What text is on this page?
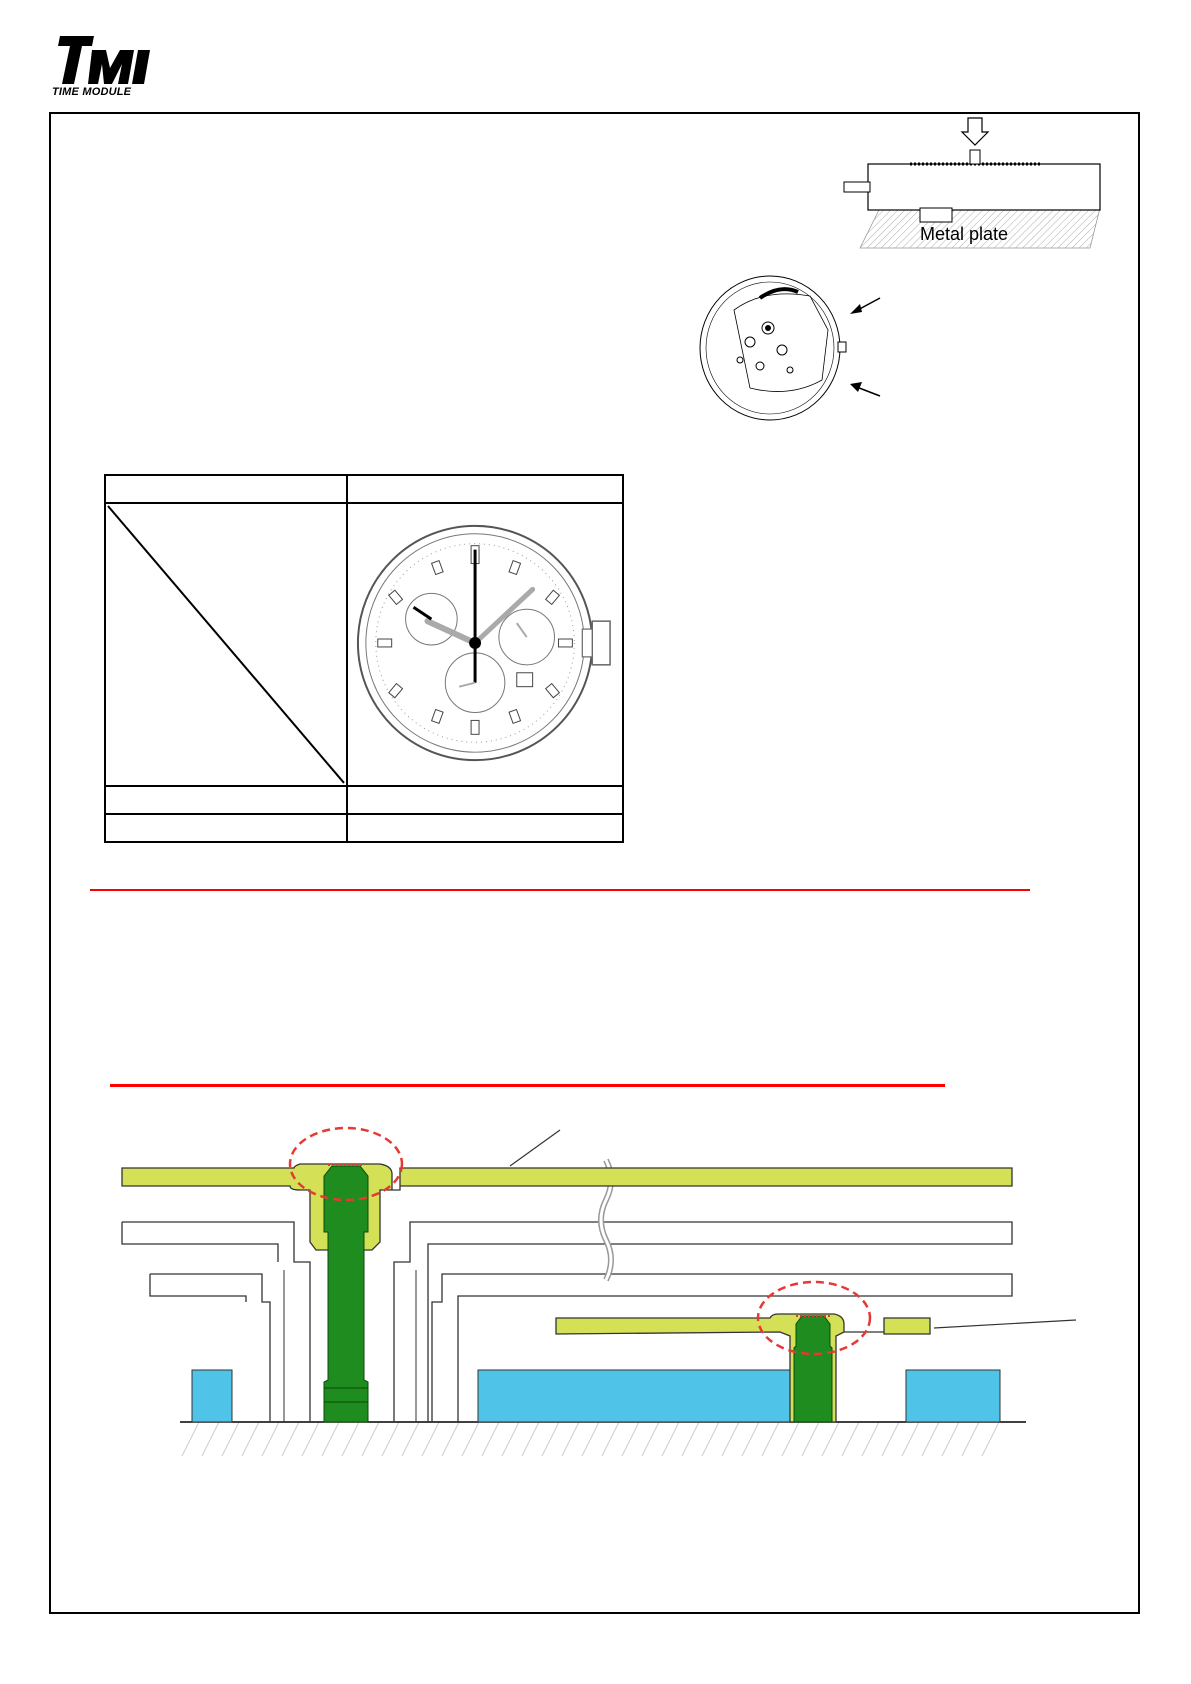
TIME MODULE
Metal plate
